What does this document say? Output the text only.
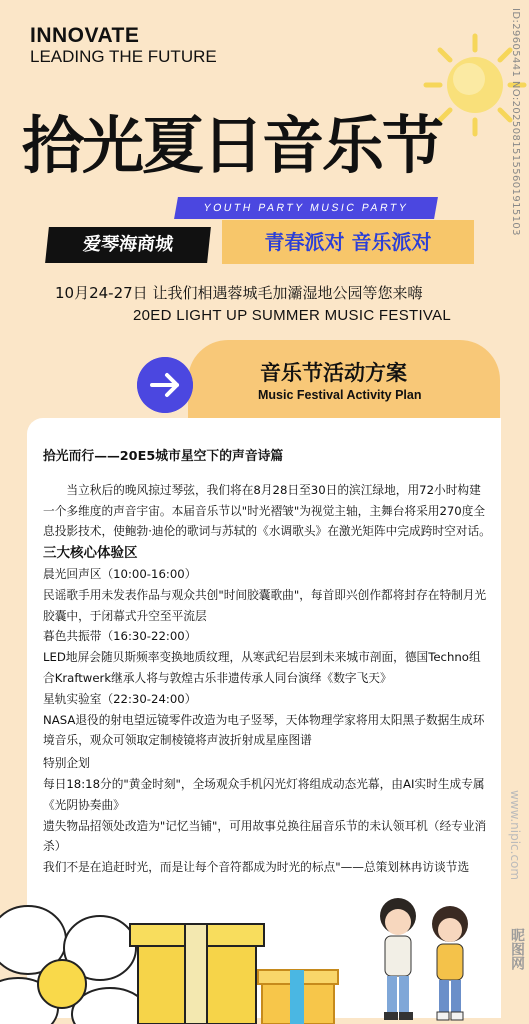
INNOVATE
LEADING THE FUTURE
拾光夏日音乐节
YOUTH PARTY MUSIC PARTY
爱琴海商城	青春派对 音乐派对
10月24-27日 让我们相遇蓉城毛加灞湿地公园等您来嗨
20ED LIGHT UP SUMMER MUSIC FESTIVAL
音乐节活动方案
Music Festival Activity Plan

拾光而行——20E5城市星空下的声音诗篇

当立秋后的晚风掠过琴弦，我们将在8月28日至30日的滨江绿地，用72小时构建一个多维度的声音宇宙。本届音乐节以"时光褶皱"为视觉主轴，主舞台将采用270度全息投影技术，使鲍勃·迪伦的歌词与苏轼的《水调歌头》在激光矩阵中完成跨时空对话。

三大核心体验区

晨光回声区（10:00-16:00）

民谣歌手用未发表作品与观众共创"时间胶囊歌曲"，每首即兴创作都将封存在特制月光胶囊中，于闭幕式升空至平流层

暮色共振带（16:30-22:00）

LED地屏会随贝斯频率变换地质纹理，从寒武纪岩层到未来城市剖面，德国Techno组合Kraftwerk继承人将与敦煌古乐非遗传承人同台演绎《数字飞天》

星轨实验室（22:30-24:00）

NASA退役的射电望远镜零件改造为电子竖琴，天体物理学家将用太阳黑子数据生成环境音乐，观众可领取定制棱镜将声波折射成星座图谱

特别企划

每日18:18分的"黄金时刻"，全场观众手机闪光灯将组成动态光幕，由AI实时生成专属《光阴协奏曲》

遗失物品招领处改造为"记忆当铺"，可用故事兑换往届音乐节的未认领耳机（经专业消杀）

我们不是在追赶时光，而是让每个音符都成为时光的标点"——总策划林冉访谈节选

ID:29605441 NO:20250815155601915103
www.nipic.com
昵图网
